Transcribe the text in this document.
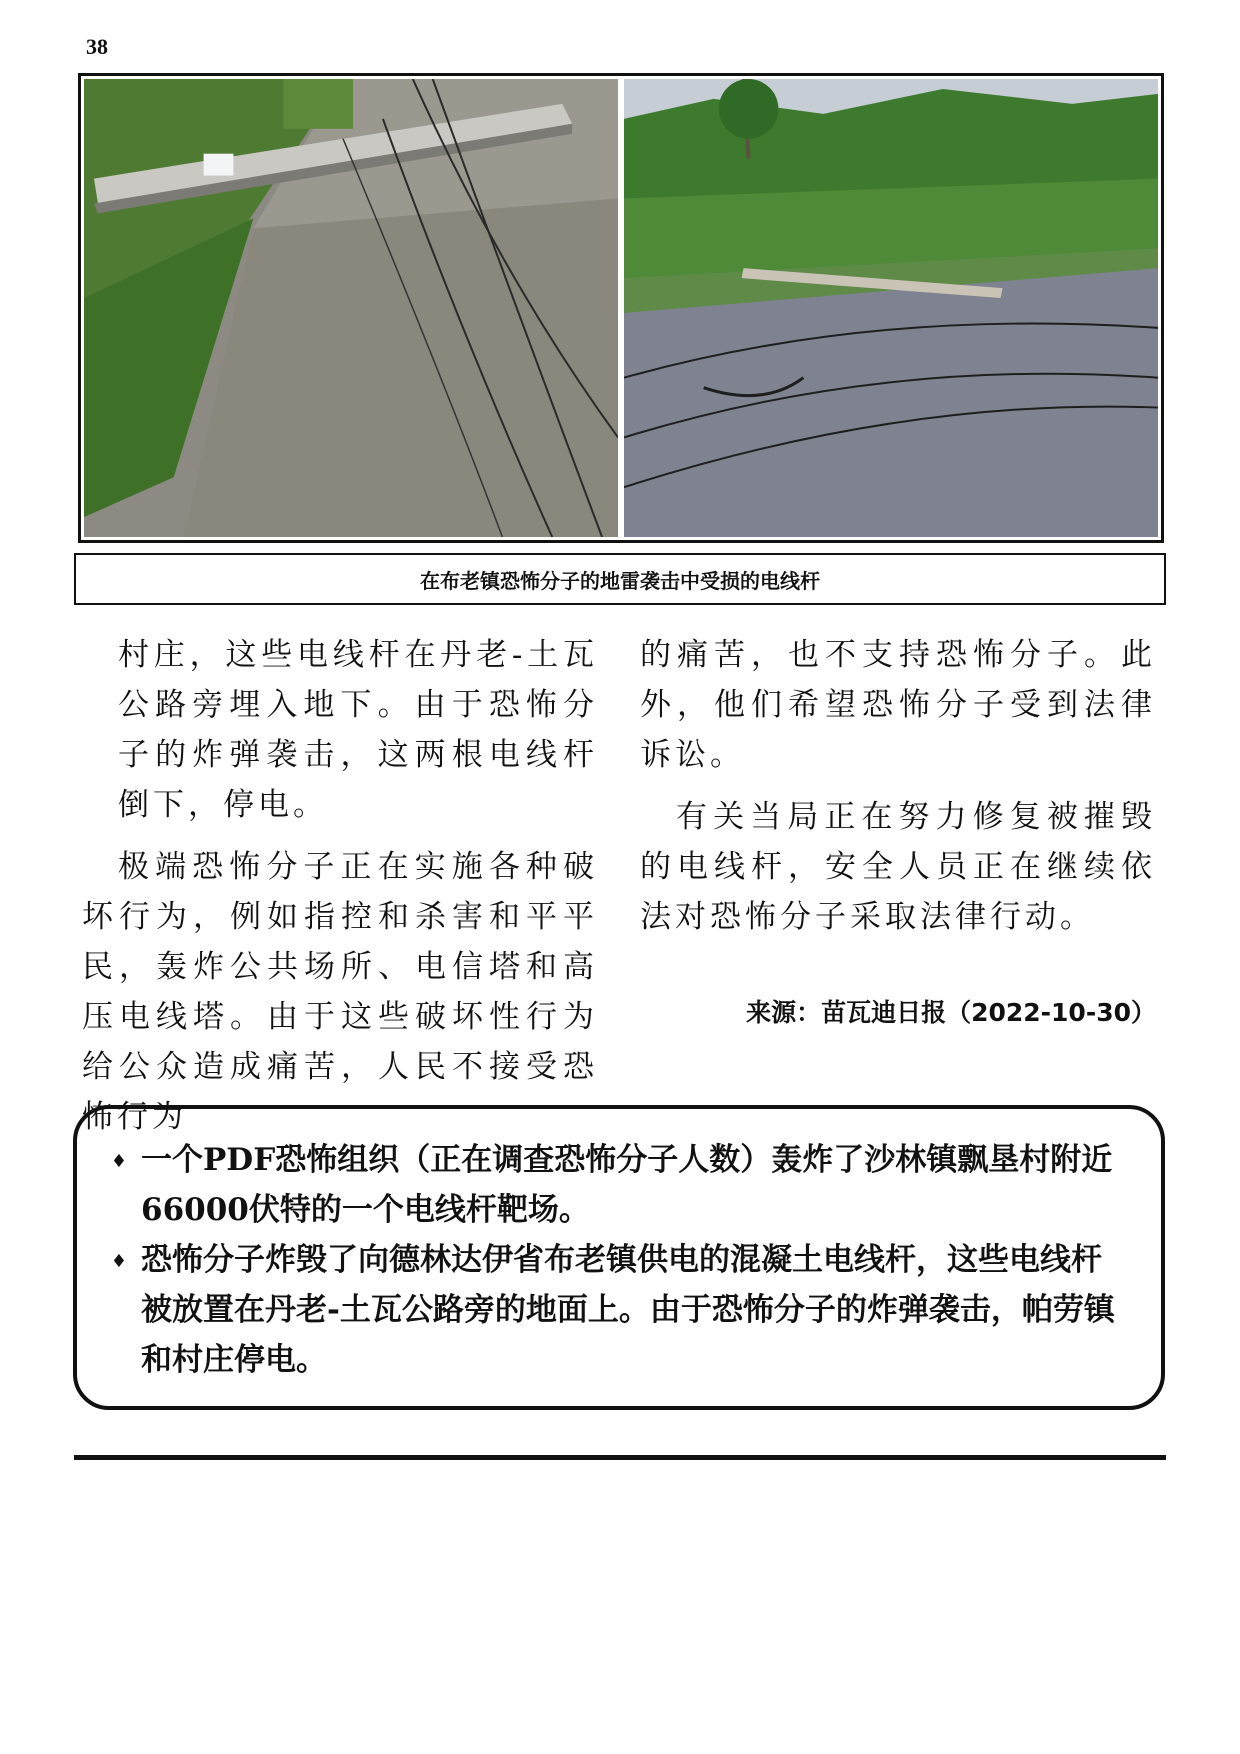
38
在布老镇恐怖分子的地雷袭击中受损的电线杆

村庄，这些电线杆在丹老-土瓦公路旁埋入地下。由于恐怖分子的炸弹袭击，这两根电线杆倒下，停电。

极端恐怖分子正在实施各种破坏行为，例如指控和杀害和平平民，轰炸公共场所、电信塔和高压电线塔。由于这些破坏性行为给公众造成痛苦，人民不接受恐怖行为

的痛苦，也不支持恐怖分子。此外，他们希望恐怖分子受到法律诉讼。

有关当局正在努力修复被摧毁的电线杆，安全人员正在继续依法对恐怖分子采取法律行动。

来源：苗瓦迪日报（2022-10-30）
♦ 一个PDF恐怖组织（正在调查恐怖分子人数）轰炸了沙林镇飘垦村附近66000伏特的一个电线杆靶场。
♦ 恐怖分子炸毁了向德林达伊省布老镇供电的混凝土电线杆，这些电线杆被放置在丹老-土瓦公路旁的地面上。由于恐怖分子的炸弹袭击，帕劳镇和村庄停电。
